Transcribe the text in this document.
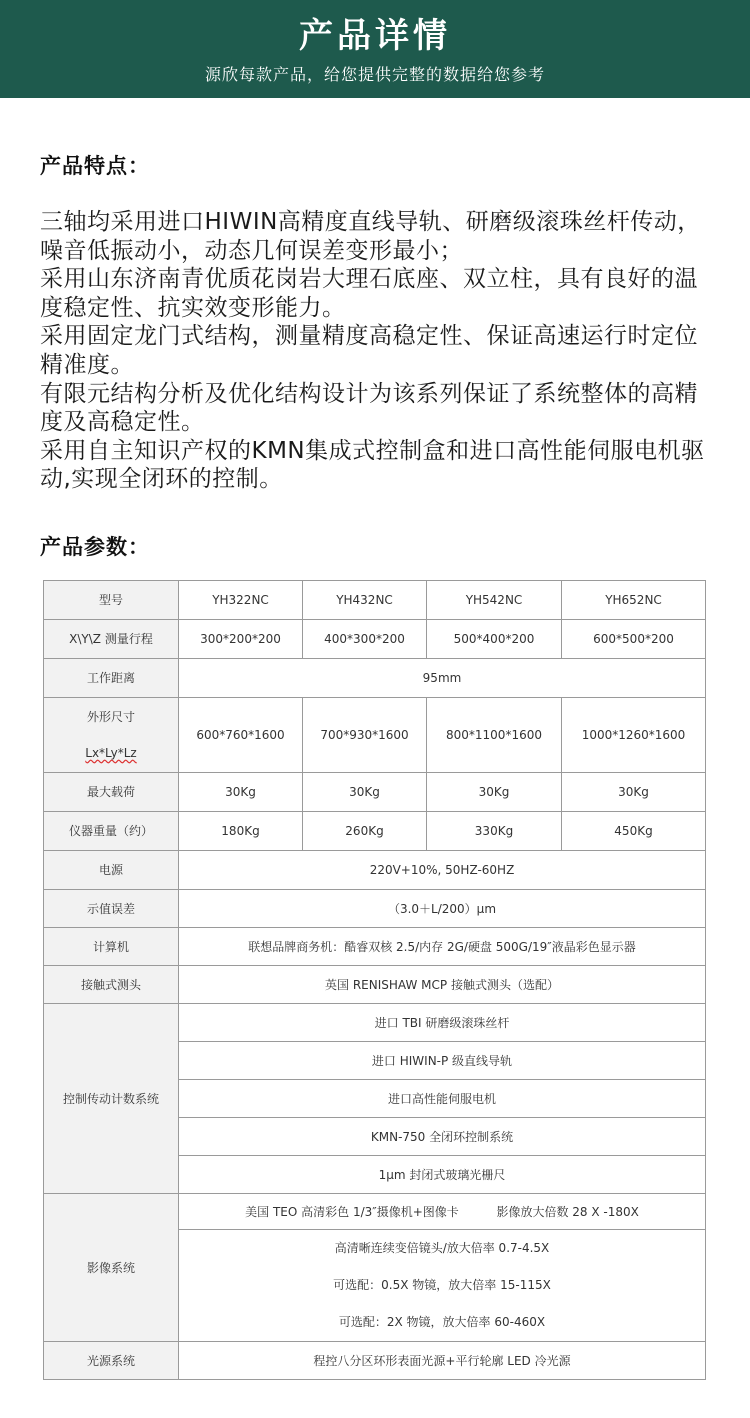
产品详情
源欣每款产品，给您提供完整的数据给您参考
产品特点：

三轴均采用进口HIWIN高精度直线导轨、研磨级滚珠丝杆传动，噪音低振动小，动态几何误差变形最小；

采用山东济南青优质花岗岩大理石底座、双立柱，具有良好的温度稳定性、抗实效变形能力。

采用固定龙门式结构，测量精度高稳定性、保证高速运行时定位精准度。

有限元结构分析及优化结构设计为该系列保证了系统整体的高精度及高稳定性。

采用自主知识产权的KMN集成式控制盒和进口高性能伺服电机驱动,实现全闭环的控制。

产品参数：
型号	YH322NC	YH432NC	YH542NC	YH652NC
X\Y\Z 测量行程	300*200*200	400*300*200	500*400*200	600*500*200
工作距离	95mm			

外形尺寸
Lx*Ly*Lz	600*760*1600	700*930*1600	800*1100*1600	1000*1260*1600
最大载荷	30Kg	30Kg	30Kg	30Kg
仪器重量（约）	180Kg	260Kg	330Kg	450Kg
电源	220V+10%, 50HZ-60HZ			
示值误差	（3.0＋L/200）μm			
计算机	联想品牌商务机：酷睿双核 2.5/内存 2G/硬盘 500G/19″液晶彩色显示器			
接触式测头	英国 RENISHAW MCP 接触式测头（选配）			
控制传动计数系统	进口 TBI 研磨级滚珠丝杆			
	进口 HIWIN-P 级直线导轨			
	进口高性能伺服电机			
	KMN-750 全闭环控制系统			
	1μm 封闭式玻璃光栅尺			
影像系统	美国 TEO 高清彩色 1/3″摄像机+图像卡 影像放大倍数 28 X -180X			

	高清晰连续变倍镜头/放大倍率 0.7-4.5X
可选配：0.5X 物镜，放大倍率 15-115X
可选配：2X 物镜，放大倍率 60-460X			

光源系统	程控八分区环形表面光源+平行轮廓 LED 冷光源			
